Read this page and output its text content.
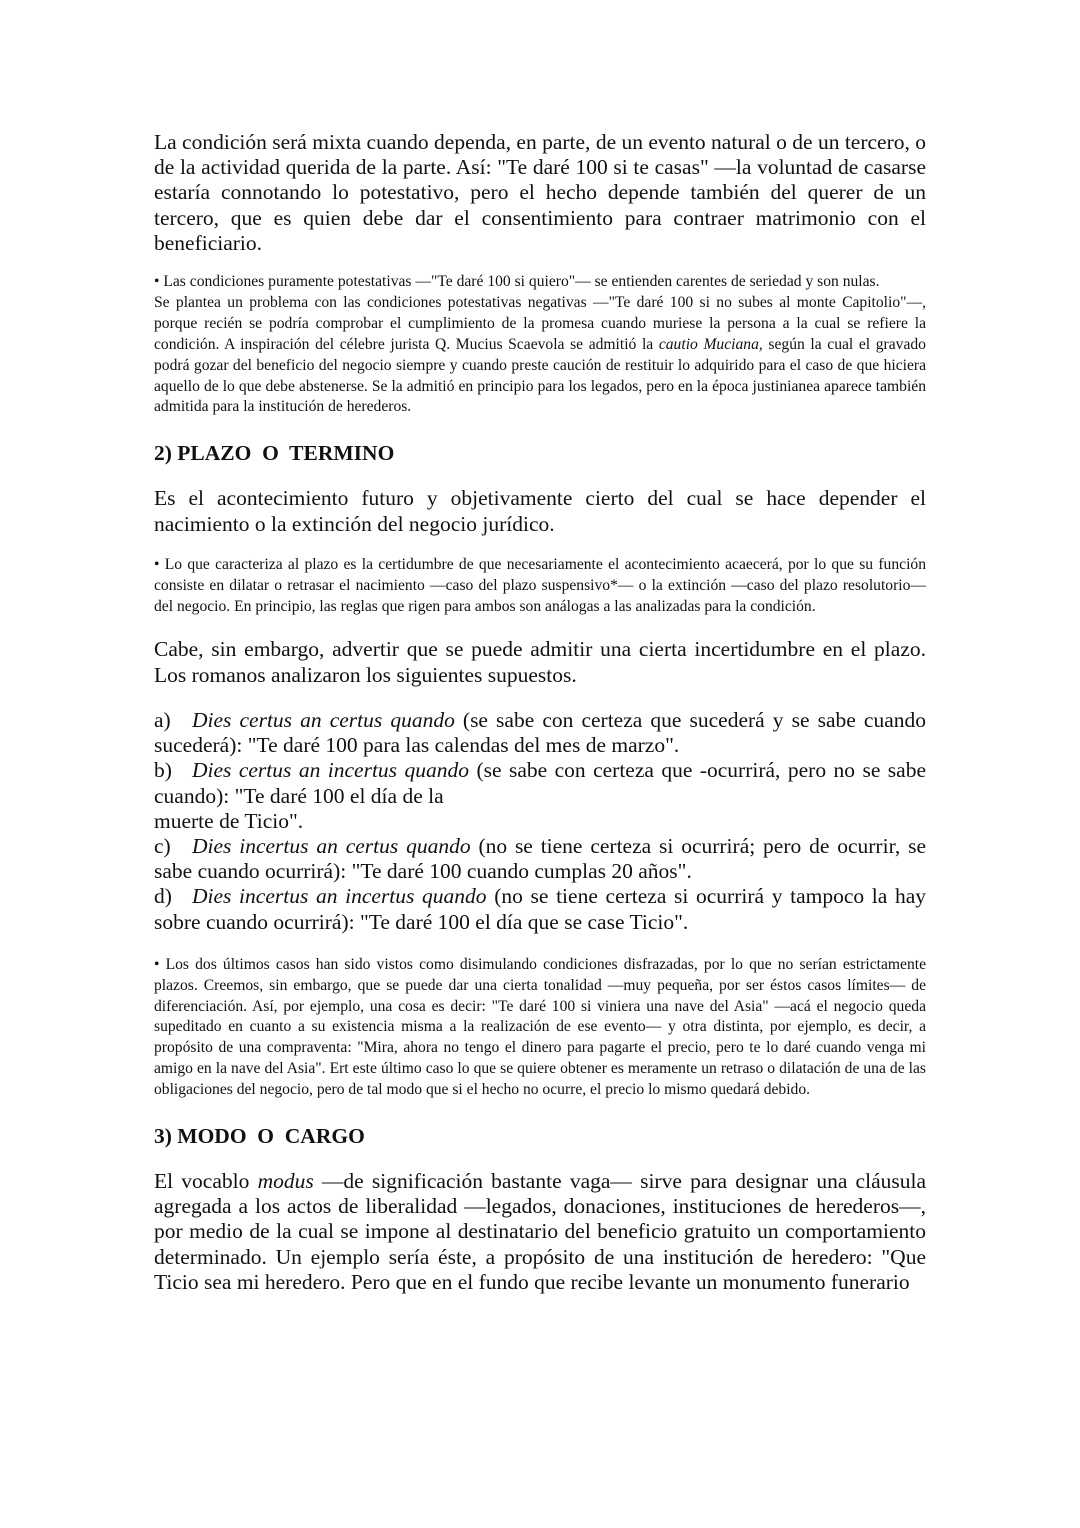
La condición será mixta cuando dependa, en parte, de un evento natural o de un tercero, o de la actividad querida de la parte. Así: "Te daré 100 si te casas" —la voluntad de casarse estaría connotando lo potestativo, pero el hecho depende también del querer de un tercero, que es quien debe dar el consentimiento para contraer matrimonio con el beneficiario.

• Las condiciones puramente potestativas —"Te daré 100 si quiero"— se entienden carentes de seriedad y son nulas.

Se plantea un problema con las condiciones potestativas negativas —"Te daré 100 si no subes al monte Capitolio"—, porque recién se podría comprobar el cumplimiento de la promesa cuando muriese la persona a la cual se refiere la condición. A inspiración del célebre jurista Q. Mucius Scaevola se admitió la cautio Muciana, según la cual el gravado podrá gozar del beneficio del negocio siempre y cuando preste caución de restituir lo adquirido para el caso de que hiciera aquello de lo que debe abstenerse. Se la admitió en principio para los legados, pero en la época justinianea aparece también admitida para la institución de herederos.

2) PLAZO  O  TERMINO

Es el acontecimiento futuro y objetivamente cierto del cual se hace depender el nacimiento o la extinción del negocio jurídico.

• Lo que caracteriza al plazo es la certidumbre de que necesariamente el acontecimiento acaecerá, por lo que su función consiste en dilatar o retrasar el nacimiento —caso del plazo suspensivo*— o la extinción —caso del plazo resolutorio— del negocio. En principio, las reglas que rigen para ambos son análogas a las analizadas para la condición.

Cabe, sin embargo, advertir que se puede admitir una cierta incertidumbre en el plazo. Los romanos analizaron los siguientes supuestos.

a) Dies certus an certus quando (se sabe con certeza que sucederá y se sabe cuando sucederá): "Te daré 100 para las calendas del mes de marzo".

b) Dies certus an incertus quando (se sabe con certeza que -ocurrirá, pero no se sabe cuando): "Te daré 100 el día de la

muerte de Ticio".

c) Dies incertus an certus quando (no se tiene certeza si ocurrirá; pero de ocurrir, se sabe cuando ocurrirá): "Te daré 100 cuando cumplas 20 años".

d) Dies incertus an incertus quando (no se tiene certeza si ocurrirá y tampoco la hay sobre cuando ocurrirá): "Te daré 100 el día que se case Ticio".

• Los dos últimos casos han sido vistos como disimulando condiciones disfrazadas, por lo que no serían estrictamente plazos. Creemos, sin embargo, que se puede dar una cierta tonalidad —muy pequeña, por ser éstos casos límites— de diferenciación. Así, por ejemplo, una cosa es decir: "Te daré 100 si viniera una nave del Asia" —acá el negocio queda supeditado en cuanto a su existencia misma a la realización de ese evento— y otra distinta, por ejemplo, es decir, a propósito de una compraventa: "Mira, ahora no tengo el dinero para pagarte el precio, pero te lo daré cuando venga mi amigo en la nave del Asia". Ert este último caso lo que se quiere obtener es meramente un retraso o dilatación de una de las obligaciones del negocio, pero de tal modo que si el hecho no ocurre, el precio lo mismo quedará debido.

3) MODO  O  CARGO

El vocablo modus —de significación bastante vaga— sirve para designar una cláusula agregada a los actos de liberalidad —legados, donaciones, instituciones de herederos—, por medio de la cual se impone al destinatario del beneficio gratuito un comportamiento determinado. Un ejemplo sería éste, a propósito de una institución de heredero: "Que Ticio sea mi heredero. Pero que en el fundo que recibe levante un monumento funerario
